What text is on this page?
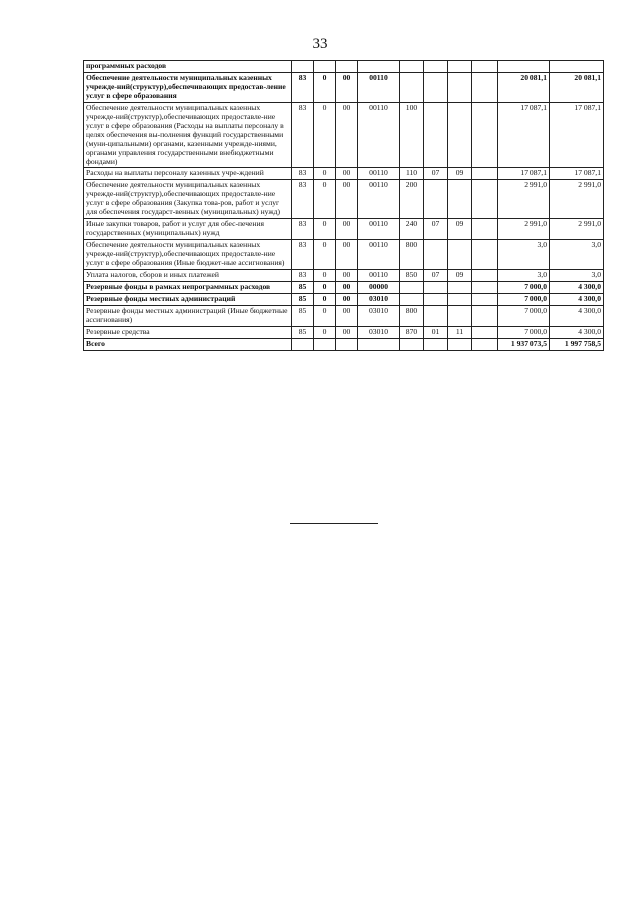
33
программных расходов										
Обеспечение деятельности муниципальных казенных учрежде-ний(структур),обеспечивающих предостав-ление услуг в сфере образования	83	0	00	00110					20 081,1	20 081,1
Обеспечение деятельности муниципальных казенных учрежде-ний(структур),обеспечивающих предоставле-ние услуг в сфере образования (Расходы на выплаты персоналу в целях обеспечения вы-полнения функций государственными (муни-ципальными) органами, казенными учрежде-ниями, органами управления государственными внебюджетными фондами)	83	0	00	00110	100				17 087,1	17 087,1
Расходы на выплаты персоналу казенных учре-ждений	83	0	00	00110	110	07	09		17 087,1	17 087,1
Обеспечение деятельности муниципальных казенных учрежде-ний(структур),обеспечивающих предоставле-ние услуг в сфере образования (Закупка това-ров, работ и услуг для обеспечения государст-венных (муниципальных) нужд)	83	0	00	00110	200				2 991,0	2 991,0
Иные закупки товаров, работ и услуг для обес-печения государственных (муниципальных) нужд	83	0	00	00110	240	07	09		2 991,0	2 991,0
Обеспечение деятельности муниципальных казенных учрежде-ний(структур),обеспечивающих предоставле-ние услуг в сфере образования (Иные бюджет-ные ассигнования)	83	0	00	00110	800				3,0	3,0
Уплата налогов, сборов и иных платежей	83	0	00	00110	850	07	09		3,0	3,0
Резервные фонды в рамках непрограммных расходов	85	0	00	00000					7 000,0	4 300,0
Резервные фонды местных администраций	85	0	00	03010					7 000,0	4 300,0
Резервные фонды местных администраций (Иные бюджетные ассигнования)	85	0	00	03010	800				7 000,0	4 300,0
Резервные средства	85	0	00	03010	870	01	11		7 000,0	4 300,0
Всего									1 937 073,5	1 997 758,5
